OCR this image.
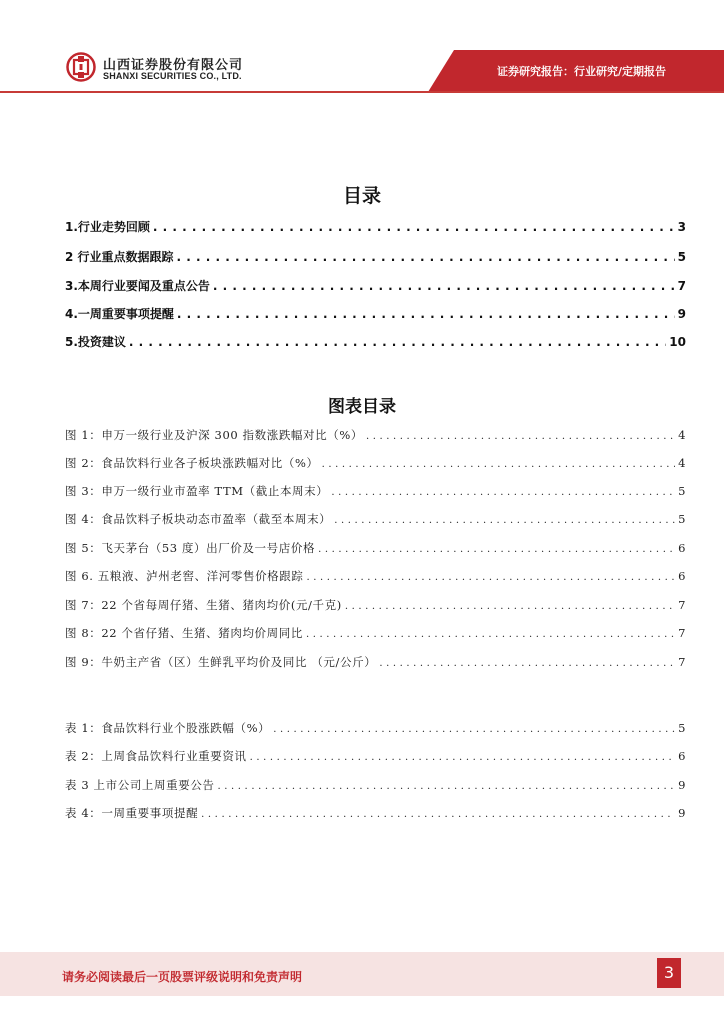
山西证券股份有限公司
SHANXI SECURITIES CO., LTD.	证券研究报告：行业研究/定期报告
目录
1.行业走势回顾 . . .	3
2 行业重点数据跟踪 . . .	5
3.本周行业要闻及重点公告 . . .	7
4.一周重要事项提醒 . . .	9
5.投资建议 . . .	10
图表目录
图 1：申万一级行业及沪深 300 指数涨跌幅对比（%） . . .	4
图 2：食品饮料行业各子板块涨跌幅对比（%） . . .	4
图 3：申万一级行业市盈率 TTM（截止本周末） . . .	5
图 4：食品饮料子板块动态市盈率（截至本周末） . . .	5
图 5：飞天茅台（53 度）出厂价及一号店价格 . . .	6
图 6. 五粮液、泸州老窖、洋河零售价格跟踪 . . .	6
图 7：22 个省每周仔猪、生猪、猪肉均价(元/千克) . . .	7
图 8：22 个省仔猪、生猪、猪肉均价周同比 . . .	7
图 9：牛奶主产省（区）生鲜乳平均价及同比 （元/公斤） . . .	7
表 1：食品饮料行业个股涨跌幅（%） . . .	5
表 2：上周食品饮料行业重要资讯 . . .	6
表 3 上市公司上周重要公告 . . .	9
表 4：一周重要事项提醒 . . .	9
请务必阅读最后一页股票评级说明和免责声明	3
